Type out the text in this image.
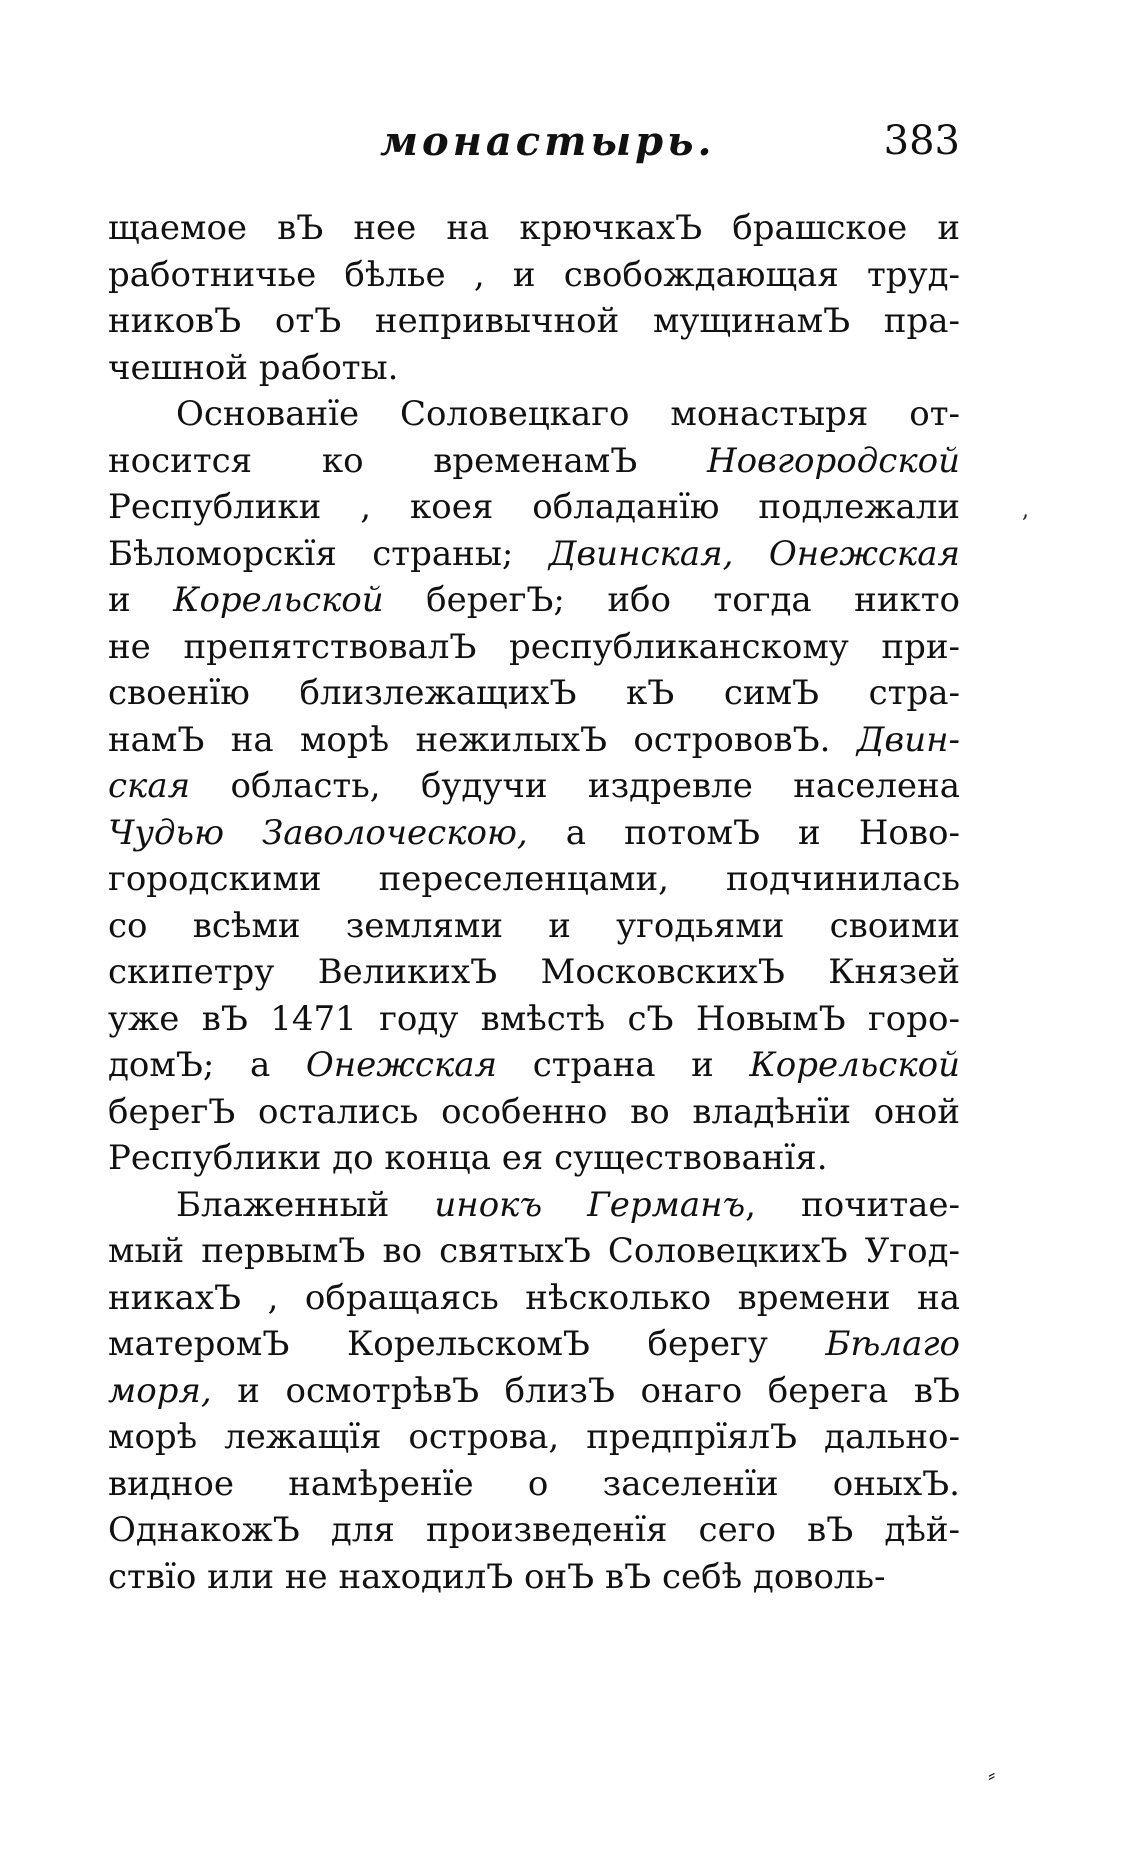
монастырь.	383
щаемое вЪ нее на крючкахЪ брашское и
работничье бѣлье , и свобождающая труд-
никовЪ отЪ непривычной мущинамЪ пра-
чешной работы.
Основанїе Соловецкаго монастыря от-
носится ко временамЪ Новгородской
Республики , коея обладанїю подлежали
Бѣломорскїя страны; Двинская, Онежская
и Корельской берегЪ; ибо тогда никто
не препятствовалЪ республиканскому при-
своенїю близлежащихЪ кЪ симЪ стра-
намЪ на морѣ нежилыхЪ острововЪ. Двин-
ская область, будучи издревле населена
Чудью Заволоческою, а потомЪ и Ново-
городскими переселенцами, подчинилась
со всѣми землями и угодьями своими
скипетру ВеликихЪ МосковскихЪ Князей
уже вЪ 1471 году вмѣстѣ сЪ НовымЪ горо-
домЪ; а Онежская страна и Корельской
берегЪ остались особенно во владѣнїи оной
Республики до конца ея существованїя.
Блаженный инокъ Германъ, почитае-
мый первымЪ во святыхЪ СоловецкихЪ Угод-
никахЪ , обращаясь нѣсколько времени на
матеромЪ КорельскомЪ берегу Бѣлаго
моря, и осмотрѣвЪ близЪ онаго берега вЪ
морѣ лежащїя острова, предпрїялЪ дально-
видное намѣренїе о заселенїи оныхЪ.
ОднакожЪ для произведенїя сего вЪ дѣй-
ствїо или не находилЪ онЪ вЪ себѣ доволь-
,
⸗
